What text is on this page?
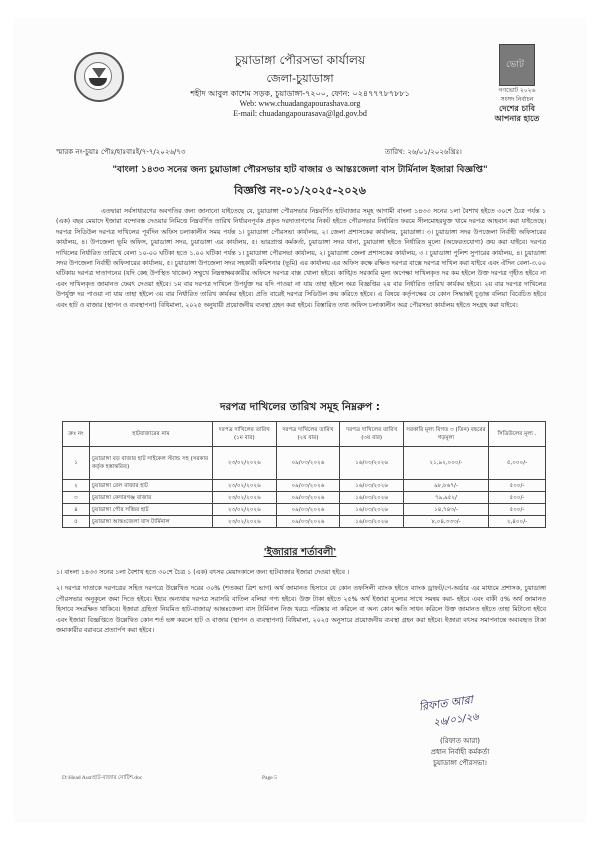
ভো ট
গণভোট ২০২৬
সংসদ নির্বাচন
দেশের চাবি
আপনার হাতে
চুয়াডাঙ্গা পৌরসভা কার্যালয়
জেলা-চুয়াডাঙ্গা
শহীদ আবুল কাশেম সড়ক, চুয়াডাঙ্গা-৭২০০, ফোন: ০২৪৭৭৭৮৭৮৮১
Web: www.chuadangapourashava.org
E-mail: chuadangapourasava@lgd.gov.bd
স্মারক নং-চুয়াঃ পৌঃ/হাঃবাঃই/৭-৭/২০২৬/৭৩	তারিখ: ২৬/০১/২০২৬খ্রিঃ।
"বাংলা ১৪৩৩ সনের জন্য চুয়াডাঙ্গা পৌরসভার হাট বাজার ও আন্তঃজেলা বাস টার্মিনাল ইজারা বিজ্ঞপ্তি"
বিজ্ঞপ্তি নং-০১/২০২৫-২০২৬
এতদ্বারা সর্বসাধারণের অবগতির জন্য জানানো যাইতেছে যে, চুয়াডাঙ্গা পৌরসভার নিম্নবর্ণিত হাটবাজার সমূহ আগামী বাংলা ১৪৩৩ সনের ১লা বৈশাখ হইতে ৩০শে চৈত্র পর্যন্ত ১ (এক) বছর মেয়াদে ইজারা বন্দোবস্ত দেওয়ার নিমিত্তে নিম্নবর্ণিত তারিখ নির্ধারনপূর্বক প্রকৃত দরদাতাগণের নিকট হইতে পৌরসভার নির্ধারিত ফরমে সীলমোহরযুক্ত খামে দরপত্র আহবান করা যাইতেছে। দরপত্র সিডিউল দরপত্র দাখিলের পূর্বদিন অফিস চলাকালীন সময় পর্যন্ত ১। চুয়াডাঙ্গা পৌরসভা কার্যালয়, ২। জেলা প্রশাসকের কার্যালয়, চুয়াডাঙ্গা। ৩। চুয়াডাঙ্গা সদর উপজেলা নির্বাহী অফিসারের কার্যালয়, ৪। উপজেলা ভূমি অফিস, চুয়াডাঙ্গা সদর, চুয়াডাঙ্গা এর কার্যালয়, ৫। ভারপ্রাপ্ত কর্মকর্তা, চুয়াডাঙ্গা সদর থানা, চুয়াডাঙ্গা হইতে নির্ধারিত মূল্যে (অফেরতযোগ্য) ক্রয় করা যাইবে। দরপত্র দাখিলের নির্ধারিত তারিখে বেলা ১০-০০ ঘটিকা হতে ১.০০ ঘটিকা পর্যন্ত ১। চুয়াডাঙ্গা পৌরসভা কার্যালয়, ২। চুয়াডাঙ্গা জেলা প্রশাসকের কার্যালয়, ৩ । চুয়াডাঙ্গা পুলিশ সুপারের কার্যালয়, ৪। চুয়াডাঙ্গা সদর উপজেলা নির্বাহী অফিসারের কার্যালয়, ৫। চুয়াডাঙ্গা উপজেলা সদর সহকারী কমিশনার (ভূমি) এর কার্যালয় এর অফিস কক্ষে রক্ষিত দরপত্র বাক্সে দরপত্র দাখিল করা যাইবে এবং ঐদিন বেলা-৩.০০ ঘটিকায় দরপত্র দাতাগনের (যদি কেহ উপস্থিত থাকেন) সম্মুখে নিম্নস্বাক্ষরকারীর অফিসে দরপত্র বাক্স খোলা হইবে। কাঙ্খিত সরকারি মূল্য অপেক্ষা দাখিলকৃত দর কম হইলে উক্ত দরপত্র গৃহীত হইবে না এবং দাখিলকৃত জামানত ফেরৎ দেওয়া হইবে। ১ম বার দরপত্র দাখিলে উপর্যুক্ত দর যদি পাওয়া না যায় তাহা হইলে অত্র বিজ্ঞপ্তির ২য় বার নির্ধারিত তারিখ কার্যকর হইবে। ২য় বার দরপত্র দাখিলের উপর্যুক্ত দর পাওয়া না যায় তাহা হইলে ৩য় বার নির্ধারিত তারিখ কার্যকর হইবে। প্রতি বারেই দরপত্র সিডিউল ক্রয় করিতে হইবে। এ বিষয়ে কর্তৃপক্ষের যে কোন সিদ্ধান্তই চূড়ান্ত বলিয়া বিবেচিত হইবে এবং হাট ও বাজার (স্থাপন ও ব্যবস্থাপনা) বিধিমালা, ২০২৫ অনুযায়ী প্রয়োজনীয় ব্যবস্থা গ্রহন করা হইবে। বিস্তারিত তথ্য অফিস চলাকালীন অত্র পৌরসভা কার্যালয় হইতে সংগ্রহ করা যাইবে।
দরপত্র দাখিলের তারিখ সমূহ নিম্নরুপ :
ক্রঃ নং	হাটবাজারের নাম	দরপত্র দাখিলের তারিখ (১ম বার)	দরপত্র দাখিলের তারিখ (২য় বার)	দরপত্র দাখিলের তারিখ (৩য় বার)	সরকারি মূল্য বিগত ৩ (তিন) বছরের গড়মূল্য	সিডিউলের মূল্য .
১	চুয়াডাঙ্গা বড় বাজার হাট সাইকেল স্ট্যান্ড সহ (সরকার কর্তৃক হস্তান্তরিত)	২৩/০২/২০২৬	০৯/০৩/২০২৬	১৬/০৩/২০২৬	২১,৯২,০০০/-	৫,০০০/-
২	চুয়াডাঙ্গা রেল বাজার হাট	২৩/০২/২০২৬	০৯/০৩/২০২৬	১৬/০৩/২০২৬	৯৮,৮৬৭/-	৫০০/-
৩	চুয়াডাঙ্গা কেদারগঞ্জ বাজার	২৩/০২/২০২৬	০৯/০৩/২০২৬	১৬/০৩/২০২৬	৭৯,৯৫২/	৫০০/-
৪	চুয়াডাঙ্গা পৌর সব্জির হাট	২৩/০২/২০২৬	০৯/০৩/২০২৬	১৬/০৩/২০২৬	১৪,৭৪৩/-	৫০০/-
৫	চুয়াডাঙ্গা আন্তঃজেলা বাস টার্মিনাল	২৩/০২/২০২৬	০৯/০৩/২০২৬	১৬/০৩/২০২৬	৮,০৪,৩৩৩/-	২,৪০০/-
'ইজারার শর্তাবলী'
১। বাংলা ১৪৩৩ সনের ১লা বৈশাখ হতে ৩০শে চৈত্র ১ (এক) বৎসর মেয়াদকালে জন্য হাটবাজার ইজারা দেওয়া হইবে ।
২। দরপত্র দাতাকে দরপত্রের সহিত দরপত্রে উল্লেখিত দরের ৩০% (শতকরা ত্রিশ ভাগ) অর্থ জামানত হিসাবে যে কোন তফসিলী ব্যাংক হইতে ব্যাংক ড্রাফট/পে-অর্ডার এর মাধ্যমে প্রশাসক, চুয়াডাঙ্গা পৌরসভার অনুকূলে জমা দিতে হইবে। ইহার অন্যথায় দরপত্র সরাসরি বাতিল বলিয়া গণ্য হইবে। উক্ত টাকা হইতে ২৫% অর্থ ইজারা মূল্যের সাথে সমন্বয় করা- হইবে এবং বাকী ৫% অর্থ জামানত হিসাবে সংরক্ষিত থাকিবে। ইজারা গ্রহিতা নিয়মিত হাট-বাজার/ আন্তঃজেলা বাস টার্মিনাল নিজ খরচে পরিষ্কার না করিলে বা অন্য কোন ক্ষতি সাধন করিলে উক্ত জামানত হইতে তাহা মিটানো হইবে এবং ইজারা বিজ্ঞপ্তিতে উল্লেখিত কোন শর্ত ভঙ্গ করলে হাট ও বাজার (স্থাপন ও ব্যবস্থাপনা) বিধিমালা, ২০২৫ অনুসারে প্রয়োজনীয় ব্যবস্থা গ্রহন করা হইবে। ইজারা বৎসর সমাপনান্তে অব্যবহৃত টাকা জমাকারীর বরাবরে প্রত্যার্পণ করা হইবে।
রিফাত আরা
২৬/০১/২৬
(রিফাত আরা)
প্রধান নির্বাহী কর্মকর্তা
চুয়াডাঙ্গা পৌরসভা।
D:\Head Asst\হাট-বাজার নোটিশ.doc	Page 5
